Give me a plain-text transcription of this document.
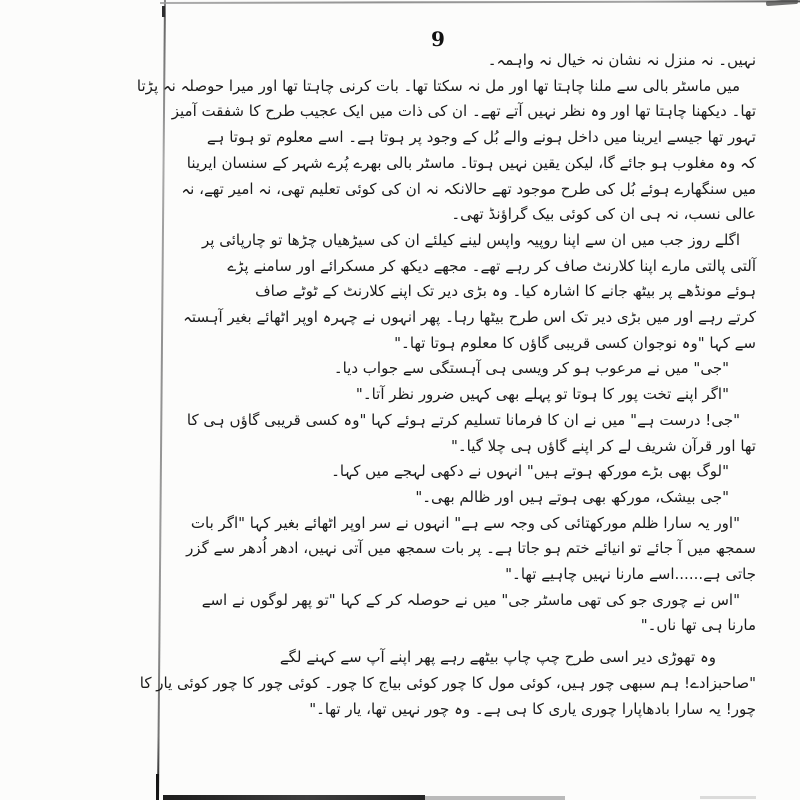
9
نہیں۔ نہ منزل نہ نشان نہ خیال نہ واہمہ۔
میں ماسٹر بالی سے ملنا چاہتا تھا اور مل نہ سکتا تھا۔ بات کرنی چاہتا تھا اور میرا حوصلہ نہ پڑتا
تھا۔ دیکھنا چاہتا تھا اور وہ نظر نہیں آتے تھے۔ ان کی ذات میں ایک عجیب طرح کا شفقت آمیز
تہور تھا جیسے ایرینا میں داخل ہونے والے بُل کے وجود پر ہوتا ہے۔ اسے معلوم تو ہوتا ہے
کہ وہ مغلوب ہو جائے گا، لیکن یقین نہیں ہوتا۔ ماسٹر بالی بھرے پُرے شہر کے سنسان ایرینا
میں سنگھارے ہوئے بُل کی طرح موجود تھے حالانکہ نہ ان کی کوئی تعلیم تھی، نہ امیر تھے، نہ
عالی نسب، نہ ہی ان کی کوئی بیک گراؤنڈ تھی۔
اگلے روز جب میں ان سے اپنا روپیہ واپس لینے کیلئے ان کی سیڑھیاں چڑھا تو چارپائی پر
آلتی پالتی مارے اپنا کلارنٹ صاف کر رہے تھے۔ مجھے دیکھ کر مسکرائے اور سامنے پڑے
ہوئے مونڈھے پر بیٹھ جانے کا اشارہ کیا۔ وہ بڑی دیر تک اپنے کلارنٹ کے ٹوٹے صاف
کرتے رہے اور میں بڑی دیر تک اس طرح بیٹھا رہا۔ پھر انہوں نے چہرہ اوپر اٹھائے بغیر آہستہ
سے کہا "وہ نوجوان کسی قریبی گاؤں کا معلوم ہوتا تھا۔"
"جی" میں نے مرعوب ہو کر ویسی ہی آہستگی سے جواب دیا۔
"اگر اپنے تخت پور کا ہوتا تو پہلے بھی کہیں ضرور نظر آتا۔"
"جی! درست ہے" میں نے ان کا فرمانا تسلیم کرتے ہوئے کہا "وہ کسی قریبی گاؤں ہی کا
تھا اور قرآن شریف لے کر اپنے گاؤں ہی چلا گیا۔"
"لوگ بھی بڑے مورکھ ہوتے ہیں" انہوں نے دکھی لہجے میں کہا۔
"جی بیشک، مورکھ بھی ہوتے ہیں اور ظالم بھی۔"
"اور یہ سارا ظلم مورکھتائی کی وجہ سے ہے" انہوں نے سر اوپر اٹھائے بغیر کہا "اگر بات
سمجھ میں آ جائے تو انیائے ختم ہو جاتا ہے۔ پر بات سمجھ میں آتی نہیں، ادھر اُدھر سے گزر
جاتی ہے......اسے مارنا نہیں چاہیے تھا۔"
"اس نے چوری جو کی تھی ماسٹر جی" میں نے حوصلہ کر کے کہا "تو پھر لوگوں نے اسے
مارنا ہی تھا ناں۔"
وہ تھوڑی دیر اسی طرح چپ چاپ بیٹھے رہے پھر اپنے آپ سے کہنے لگے
"صاحبزادے! ہم سبھی چور ہیں، کوئی مول کا چور کوئی بیاج کا چور۔ کوئی چور کا چور کوئی یار کا
چور! یہ سارا بادھاپارا چوری یاری کا ہی ہے۔ وہ چور نہیں تھا، یار تھا۔"
